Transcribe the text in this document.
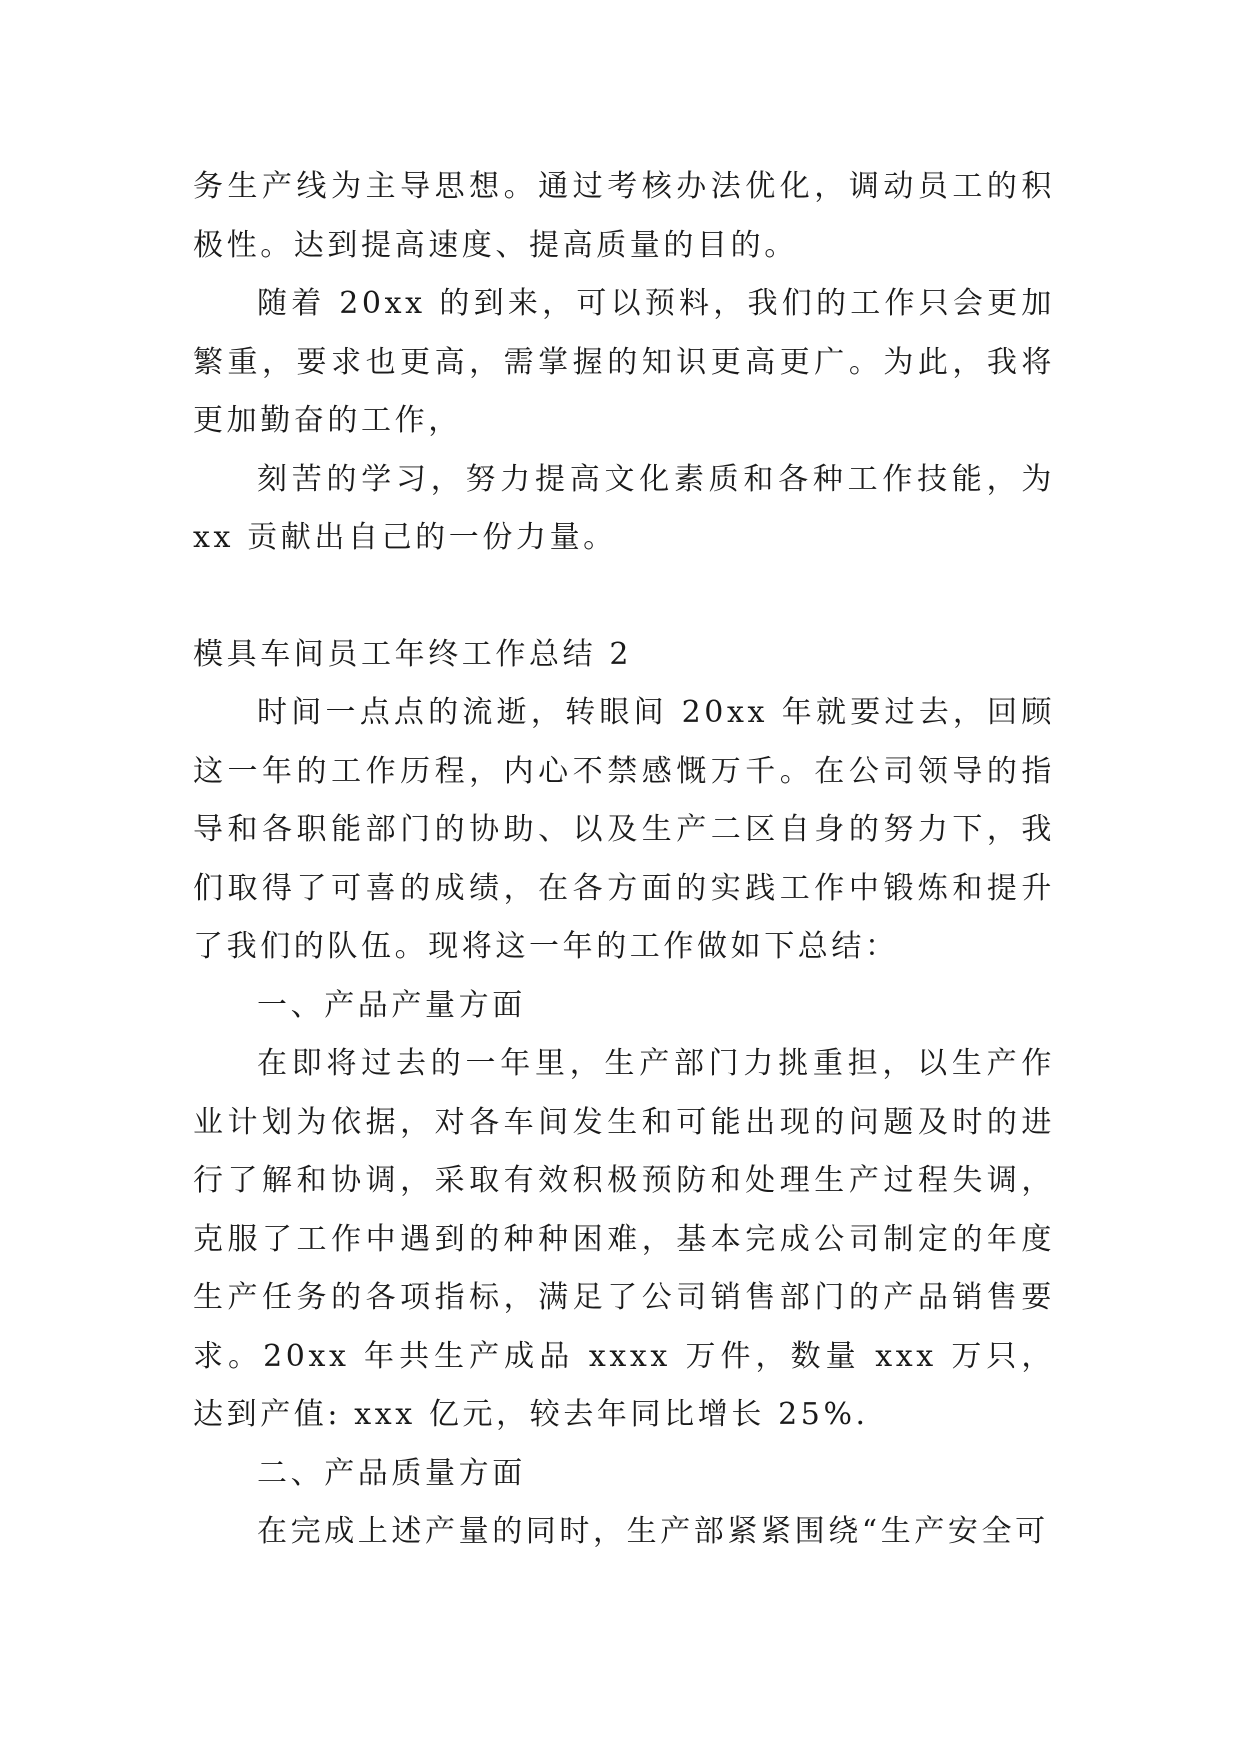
务生产线为主导思想。通过考核办法优化，调动员工的积极性。达到提高速度、提高质量的目的。

随着 20xx 的到来，可以预料，我们的工作只会更加繁重，要求也更高，需掌握的知识更高更广。为此，我将更加勤奋的工作，

刻苦的学习，努力提高文化素质和各种工作技能，为 xx 贡献出自己的一份力量。

模具车间员工年终工作总结 2

时间一点点的流逝，转眼间 20xx 年就要过去，回顾这一年的工作历程，内心不禁感慨万千。在公司领导的指导和各职能部门的协助、以及生产二区自身的努力下，我们取得了可喜的成绩，在各方面的实践工作中锻炼和提升了我们的队伍。现将这一年的工作做如下总结：

一、产品产量方面

在即将过去的一年里，生产部门力挑重担，以生产作业计划为依据，对各车间发生和可能出现的问题及时的进行了解和协调，采取有效积极预防和处理生产过程失调，克服了工作中遇到的种种困难，基本完成公司制定的年度生产任务的各项指标，满足了公司销售部门的产品销售要求。20xx 年共生产成品 xxxx 万件，数量 xxx 万只，达到产值: xxx 亿元，较去年同比增长 25%.

二、产品质量方面

在完成上述产量的同时，生产部紧紧围绕“生产安全可
